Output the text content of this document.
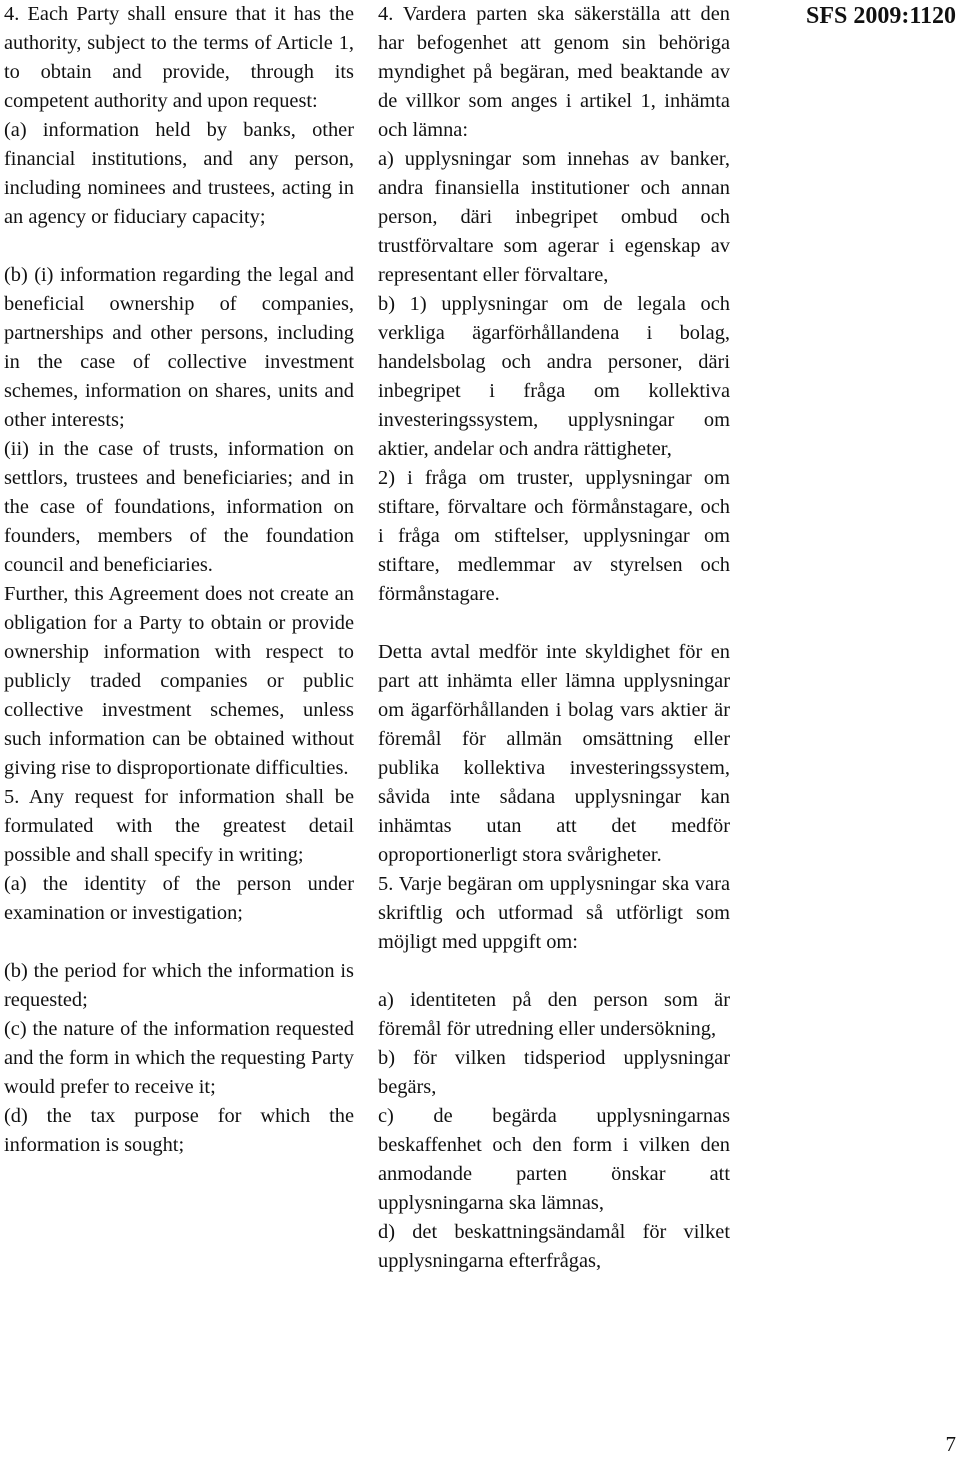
4. Each Party shall ensure that it has the authority, subject to the terms of Article 1, to obtain and provide, through its competent authority and upon request:

(a) information held by banks, other financial institutions, and any person, including nominees and trustees, acting in an agency or fiduciary capacity;

(b) (i) information regarding the legal and beneficial ownership of companies, partnerships and other persons, including in the case of collective investment schemes, information on shares, units and other interests;

(ii) in the case of trusts, information on settlors, trustees and beneficiaries; and in the case of foundations, information on founders, members of the foundation council and beneficiaries.

Further, this Agreement does not create an obligation for a Party to obtain or provide ownership information with respect to publicly traded companies or public collective investment schemes, unless such information can be obtained without giving rise to disproportionate difficulties.

5. Any request for information shall be formulated with the greatest detail possible and shall specify in writing;

(a) the identity of the person under examination or investigation;

(b) the period for which the information is requested;

(c) the nature of the information requested and the form in which the requesting Party would prefer to receive it;

(d) the tax purpose for which the information is sought;

4. Vardera parten ska säkerställa att den har befogenhet att genom sin behöriga myndighet på begäran, med beaktande av de villkor som anges i artikel 1, inhämta och lämna:

a) upplysningar som innehas av banker, andra finansiella institutioner och annan person, däri inbegripet ombud och trustförvaltare som agerar i egenskap av representant eller förvaltare,

b) 1) upplysningar om de legala och verkliga ägarförhållandena i bolag, handelsbolag och andra personer, däri inbegripet i fråga om kollektiva investeringssystem, upplysningar om aktier, andelar och andra rättigheter,

2) i fråga om truster, upplysningar om stiftare, förvaltare och förmånstagare, och i fråga om stiftelser, upplysningar om stiftare, medlemmar av styrelsen och förmånstagare.

Detta avtal medför inte skyldighet för en part att inhämta eller lämna upplysningar om ägarförhållanden i bolag vars aktier är föremål för allmän omsättning eller publika kollektiva investeringssystem, såvida inte sådana upplysningar kan inhämtas utan att det medför oproportionerligt stora svårigheter.

5. Varje begäran om upplysningar ska vara skriftlig och utformad så utförligt som möjligt med uppgift om:

a) identiteten på den person som är föremål för utredning eller undersökning,

b) för vilken tidsperiod upplysningar begärs,

c) de begärda upplysningarnas beskaffenhet och den form i vilken den anmodande parten önskar att upplysningarna ska lämnas,

d) det beskattningsändamål för vilket upplysningarna efterfrågas,

SFS 2009:1120
7
